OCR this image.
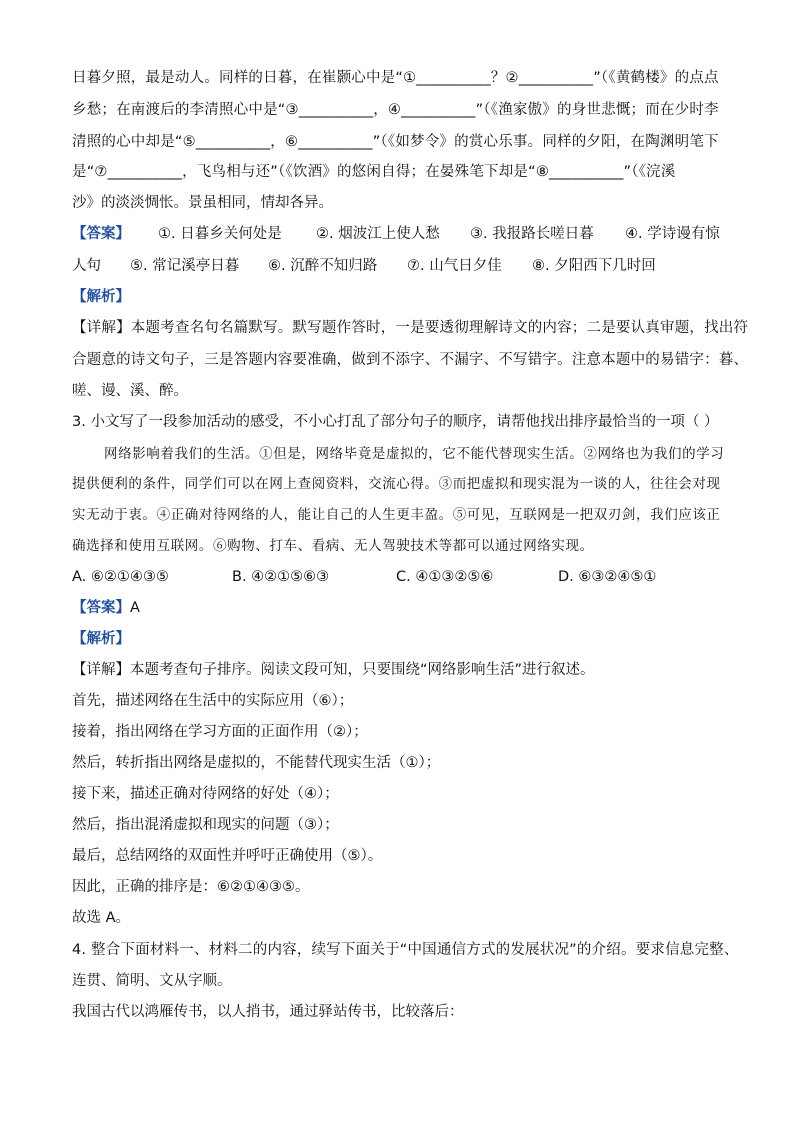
日暮夕照，最是动人。同样的日暮，在崔颢心中是“①__________？②__________”（《黄鹤楼》的点点
乡愁；在南渡后的李清照心中是“③__________，④__________”（《渔家傲》的身世悲慨；而在少时李
清照的心中却是“⑤__________，⑥__________”（《如梦令》的赏心乐事。同样的夕阳，在陶渊明笔下
是“⑦__________，飞鸟相与还”（《饮酒》的悠闲自得；在晏殊笔下却是“⑧__________”（《浣溪
沙》的淡淡惆怅。景虽相同，情却各异。
【答案】	①. 日暮乡关何处是 ②. 烟波江上使人愁 ③. 我报路长嗟日暮 ④. 学诗谩有惊
人句 ⑤. 常记溪亭日暮 ⑥. 沉醉不知归路 ⑦. 山气日夕佳 ⑧. 夕阳西下几时回
【解析】
【详解】本题考查名句名篇默写。默写题作答时，一是要透彻理解诗文的内容；二是要认真审题，找出符
合题意的诗文句子，三是答题内容要准确，做到不添字、不漏字、不写错字。注意本题中的易错字：暮、
嗟、谩、溪、醉。
3. 小文写了一段参加活动的感受，不小心打乱了部分句子的顺序，请帮他找出排序最恰当的一项（ ）
网络影响着我们的生活。①但是，网络毕竟是虚拟的，它不能代替现实生活。②网络也为我们的学习
提供便利的条件，同学们可以在网上查阅资料，交流心得。③而把虚拟和现实混为一谈的人，往往会对现
实无动于衷。④正确对待网络的人，能让自己的人生更丰盈。⑤可见，互联网是一把双刃剑，我们应该正
确选择和使用互联网。⑥购物、打车、看病、无人驾驶技术等都可以通过网络实现。
A. ⑥②①④③⑤	B. ④②①⑤⑥③	C. ④①③②⑤⑥	D. ⑥③②④⑤①
【答案】 A
【解析】
【详解】本题考查句子排序。阅读文段可知，只要围绕“网络影响生活”进行叙述。
首先，描述网络在生活中的实际应用（⑥）；
接着，指出网络在学习方面的正面作用（②）；
然后，转折指出网络是虚拟的，不能替代现实生活（①）；
接下来，描述正确对待网络的好处（④）；
然后，指出混淆虚拟和现实的问题（③）；
最后，总结网络的双面性并呼吁正确使用（⑤）。
因此，正确的排序是：⑥②①④③⑤。
故选 A。
4. 整合下面材料一、材料二的内容，续写下面关于“中国通信方式的发展状况”的介绍。要求信息完整、
连贯、简明、文从字顺。
我国古代以鸿雁传书，以人捎书，通过驿站传书，比较落后：
